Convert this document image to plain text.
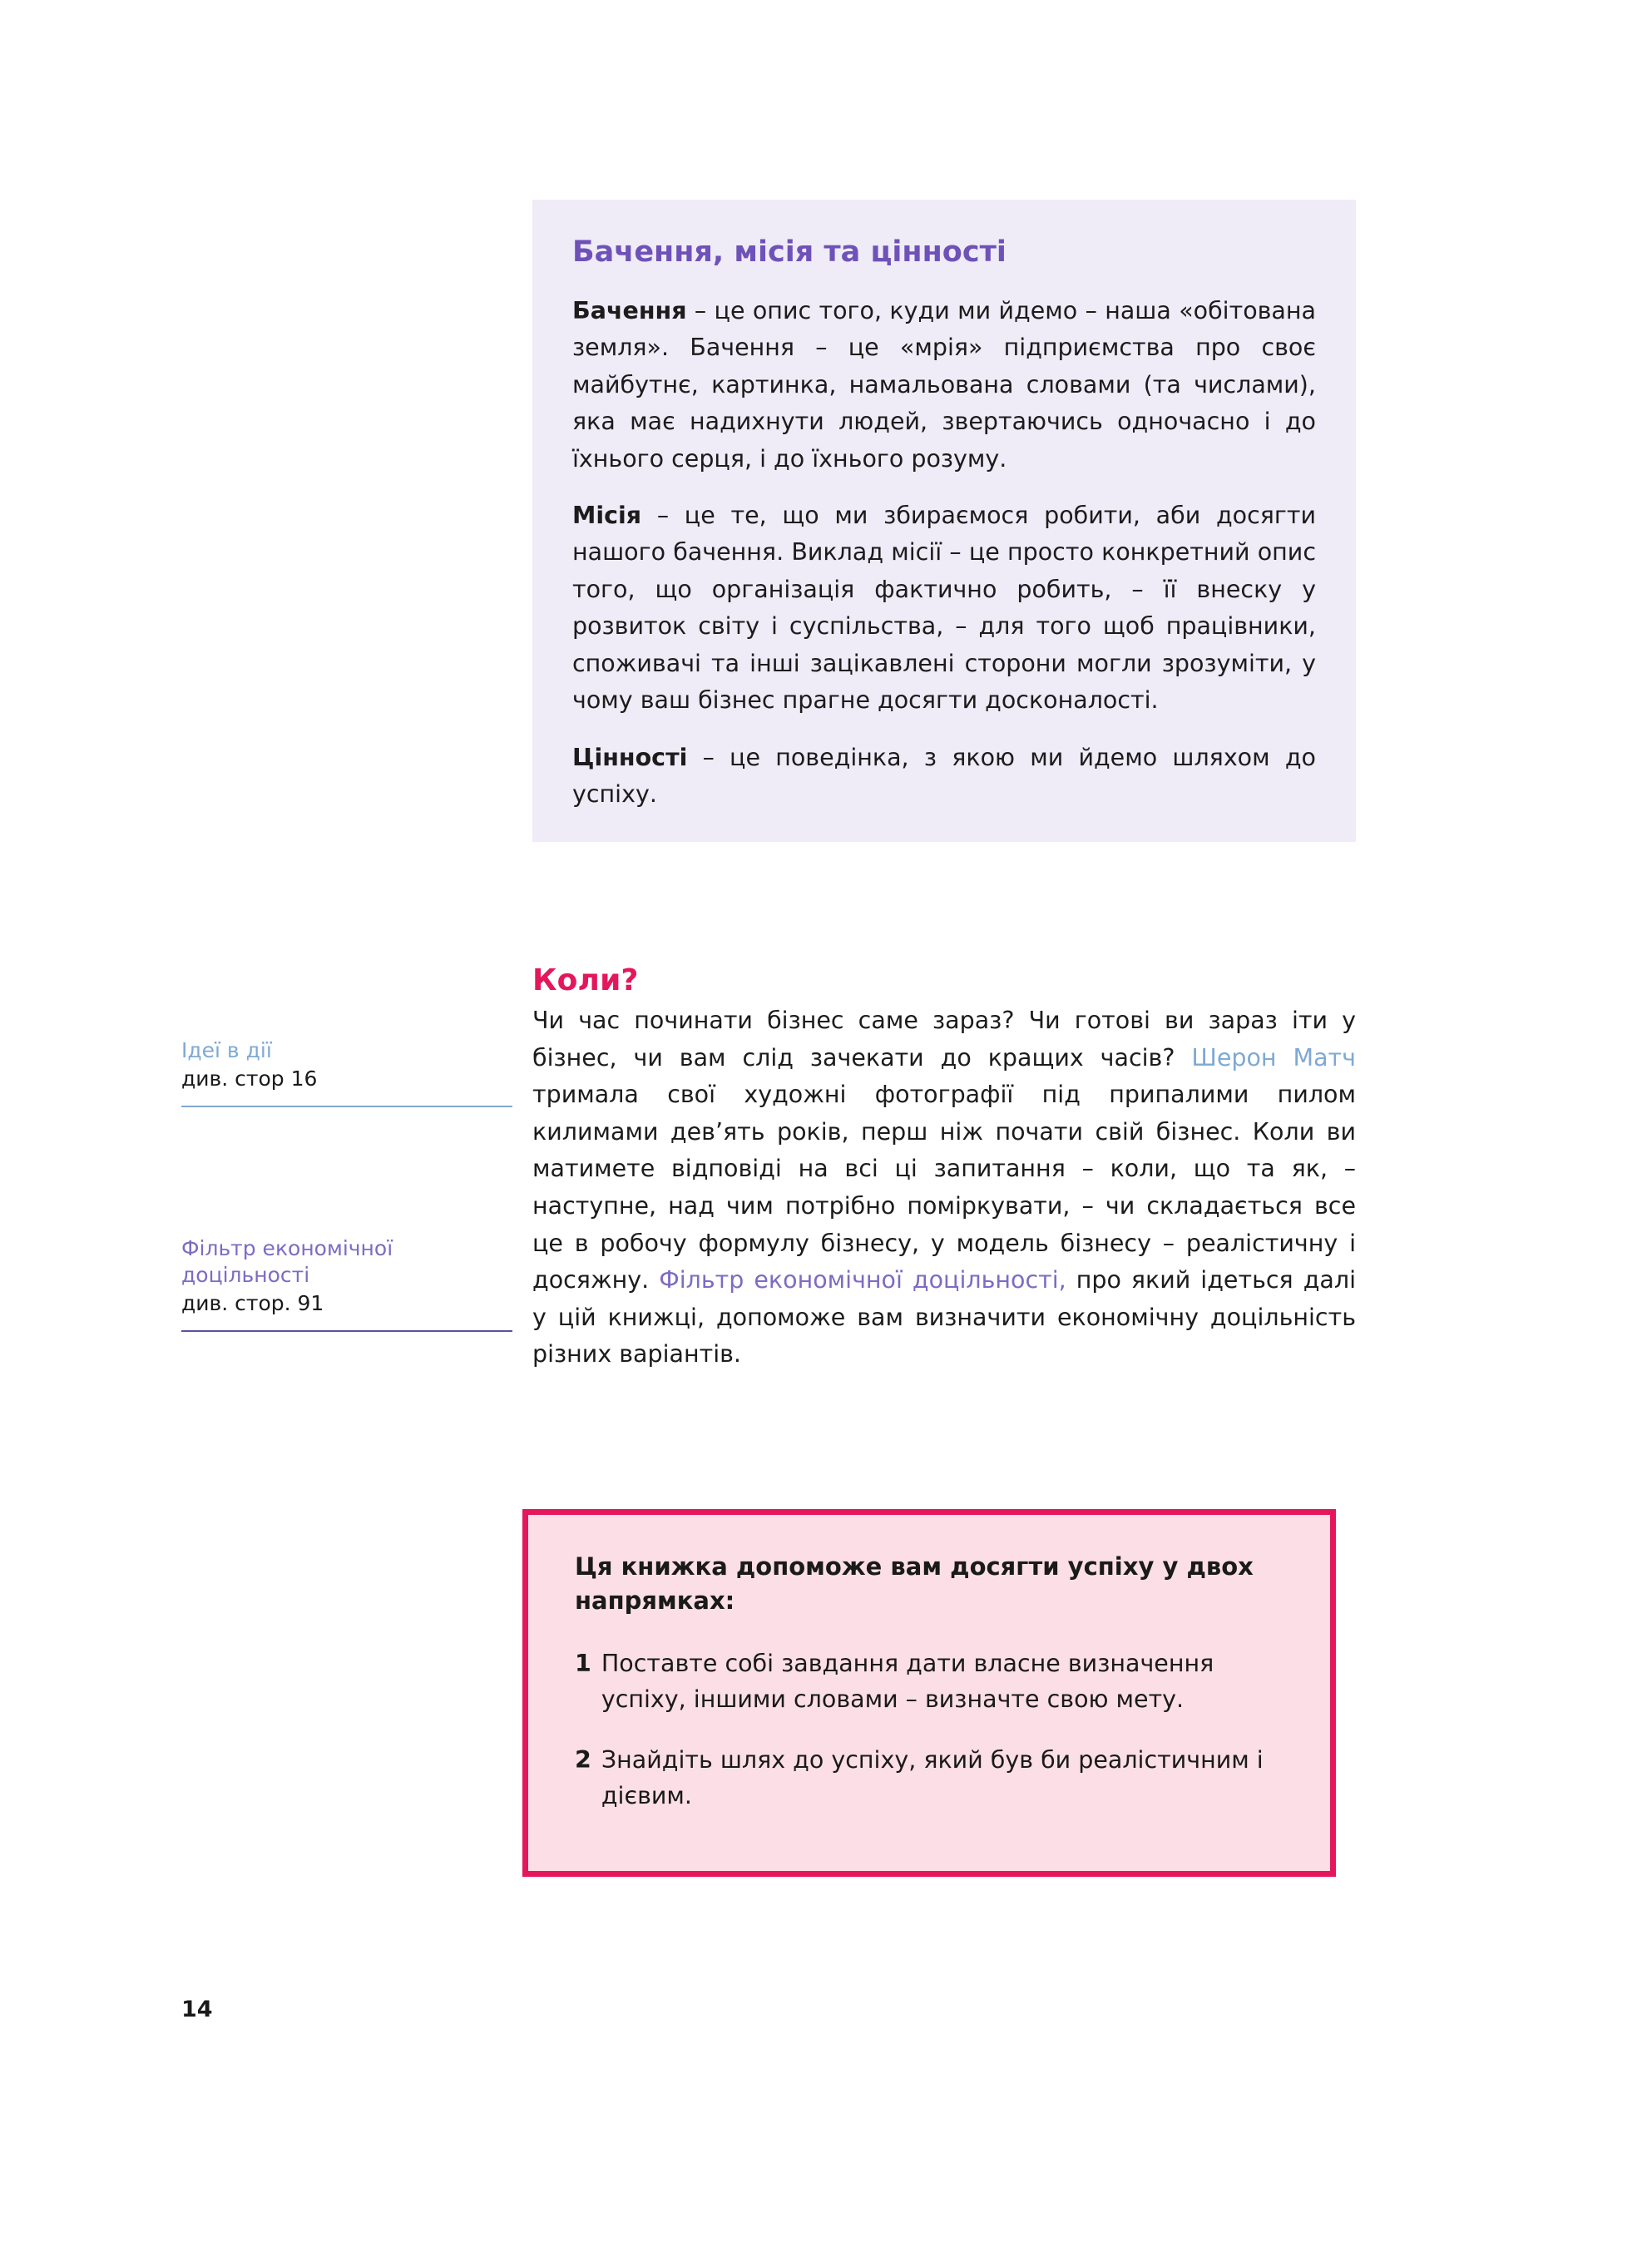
Бачення, місія та цінності

Бачення – це опис того, куди ми йдемо – наша «обітована земля». Бачення – це «мрія» підприємства про своє майбутнє, картинка, намальована словами (та числами), яка має надихнути людей, звертаючись одночасно і до їхнього серця, і до їхнього розуму.

Місія – це те, що ми збираємося робити, аби досягти нашого бачення. Виклад місії – це просто конкретний опис того, що організація фактично робить, – її внеску у розвиток світу і суспільства, – для того щоб працівники, споживачі та інші зацікавлені сторони могли зрозуміти, у чому ваш бізнес прагне досягти досконалості.

Цінності – це поведінка, з якою ми йдемо шляхом до успіху.

Коли?

Чи час починати бізнес саме зараз? Чи готові ви зараз іти у бізнес, чи вам слід зачекати до кращих часів? Шерон Матч тримала свої художні фотографії під припалими пилом килимами дев’ять років, перш ніж почати свій бізнес. Коли ви матимете відповіді на всі ці запитання – коли, що та як, – наступне, над чим потрібно поміркувати, – чи складається все це в робочу формулу бізнесу, у модель бізнесу – реалістичну і досяжну. Фільтр економічної доцільності, про який ідеться далі у цій книжці, допоможе вам визначити економічну доцільність різних варіантів.

Ідеї в дії
див. стор 16
Фільтр економічної доцільності
див. стор. 91

Ця книжка допоможе вам досягти успіху у двох напрямках:

1 Поставте собі завдання дати власне визначення успіху, іншими словами – визначте свою мету.
2 Знайдіть шлях до успіху, який був би реалістичним і дієвим.
14
